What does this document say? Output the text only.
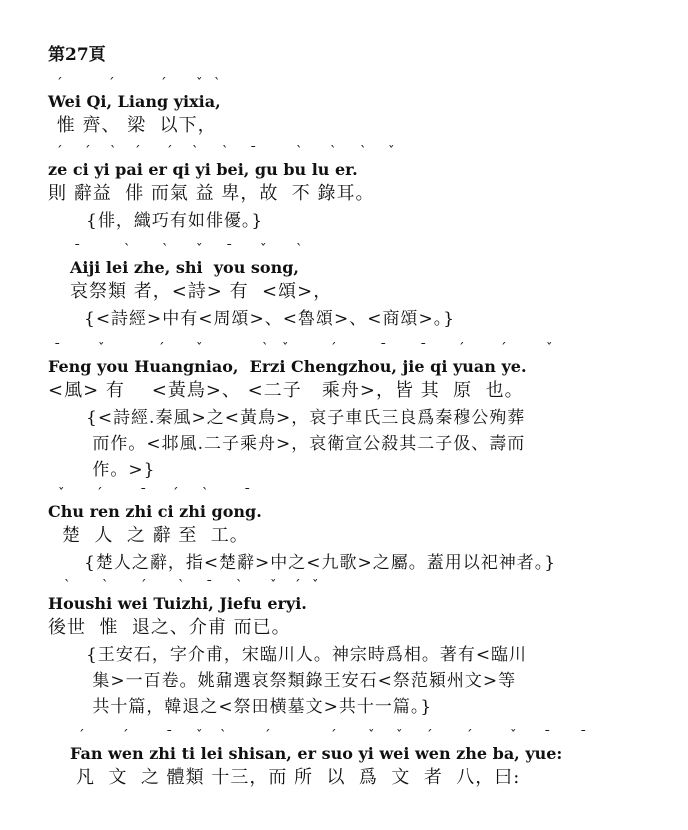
第27頁
ˊ	ˊ	ˊ ˇ ˋ
Wei Qi, Liang yixia,
惟 齊、 梁  以下，
ˊ ˊ ˋ ˊ ˊ ˋ ˋ ˉ	ˋ ˋ ˋ ˇ
ze ci yi pai er qi yi bei, gu bu lu er.
則 辭益  俳 而氣 益 卑，故  不 錄耳。
{俳，織巧有如俳優。}
ˉ	ˋ ˋ ˇ ˉ ˇ ˋ
Aiji lei zhe, shi  you song,
哀祭類 者，<詩> 有  <頌>，
{<詩經>中有<周頌>、<魯頌>、<商頌>。}
ˉ	ˇ	ˊ ˇ	ˋ ˇ	ˊ	ˉ	ˉ ˊ	ˊ	ˇ
Feng you Huangniao,  Erzi Chengzhou, jie qi yuan ye.
<風> 有    <黃鳥>、 <二子   乘舟>，皆 其  原  也。
{<詩經.秦風>之<黃鳥>，哀子車氏三良爲秦穆公殉葬
而作。<邶風.二子乘舟>，哀衛宣公殺其二子伋、壽而
作。>}
ˇ ˊ	ˉ ˊ ˋ	ˉ
Chu ren zhi ci zhi gong.
楚  人  之 辭 至  工。
{楚人之辭，指<楚辭>中之<九歌>之屬。蓋用以祀神者。}
ˋ ˋ ˊ ˋ ˉ ˋ ˇ ˊ ˇ
Houshi wei Tuizhi, Jiefu eryi.
後世  惟  退之、介甫 而已。
{王安石，字介甫，宋臨川人。神宗時爲相。著有<臨川
集>一百卷。姚鼐選哀祭類錄王安石<祭范潁州文>等
共十篇，韓退之<祭田横墓文>共十一篇。}
ˊ	ˊ	ˉ ˇ ˋ	ˊ	ˊ ˇ ˇ ˊ	ˊ	ˇ ˉ ˉ
Fan wen zhi ti lei shisan, er suo yi wei wen zhe ba, yue:
凡  文  之 體類 十三，而 所  以  爲  文  者  八，曰:
